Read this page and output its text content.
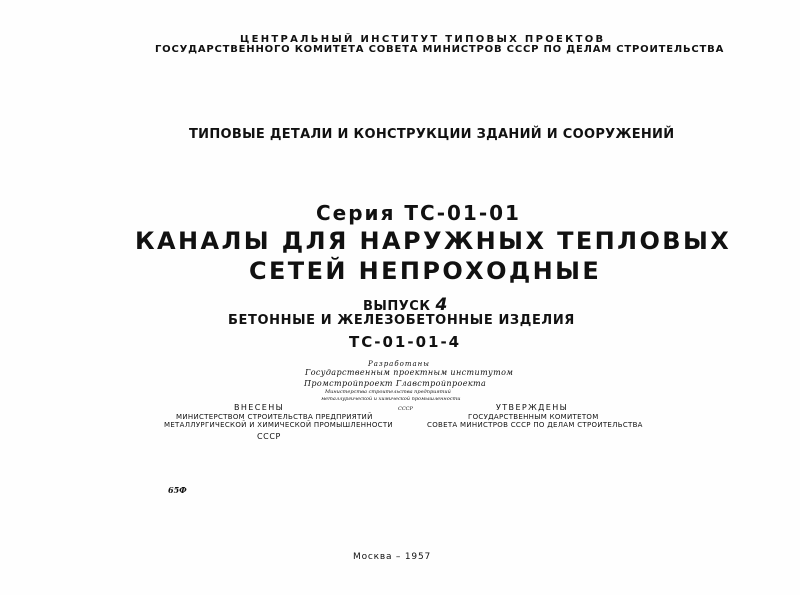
ЦЕНТРАЛЬНЫЙ ИНСТИТУТ ТИПОВЫХ ПРОЕКТОВ
ГОСУДАРСТВЕННОГО КОМИТЕТА СОВЕТА МИНИСТРОВ СССР ПО ДЕЛАМ СТРОИТЕЛЬСТВА
ТИПОВЫЕ ДЕТАЛИ И КОНСТРУКЦИИ ЗДАНИЙ И СООРУЖЕНИЙ
Серия ТС-01-01
КАНАЛЫ ДЛЯ НАРУЖНЫХ ТЕПЛОВЫХ
СЕТЕЙ НЕПРОХОДНЫЕ
ВЫПУСК 4
БЕТОННЫЕ И ЖЕЛЕЗОБЕТОННЫЕ ИЗДЕЛИЯ
ТС-01-01-4
Разработаны
Государственным проектным институтом
Промстройпроект Главстройпроекта
Министерства строительства предприятий
металлургической и химической промышленности
СССР
ВНЕСЕНЫ
МИНИСТЕРСТВОМ СТРОИТЕЛЬСТВА ПРЕДПРИЯТИЙ
МЕТАЛЛУРГИЧЕСКОЙ И ХИМИЧЕСКОЙ ПРОМЫШЛЕННОСТИ
СССР
УТВЕРЖДЕНЫ
ГОСУДАРСТВЕННЫМ КОМИТЕТОМ
СОВЕТА МИНИСТРОВ СССР ПО ДЕЛАМ СТРОИТЕЛЬСТВА
65Ф
Москва – 1957
